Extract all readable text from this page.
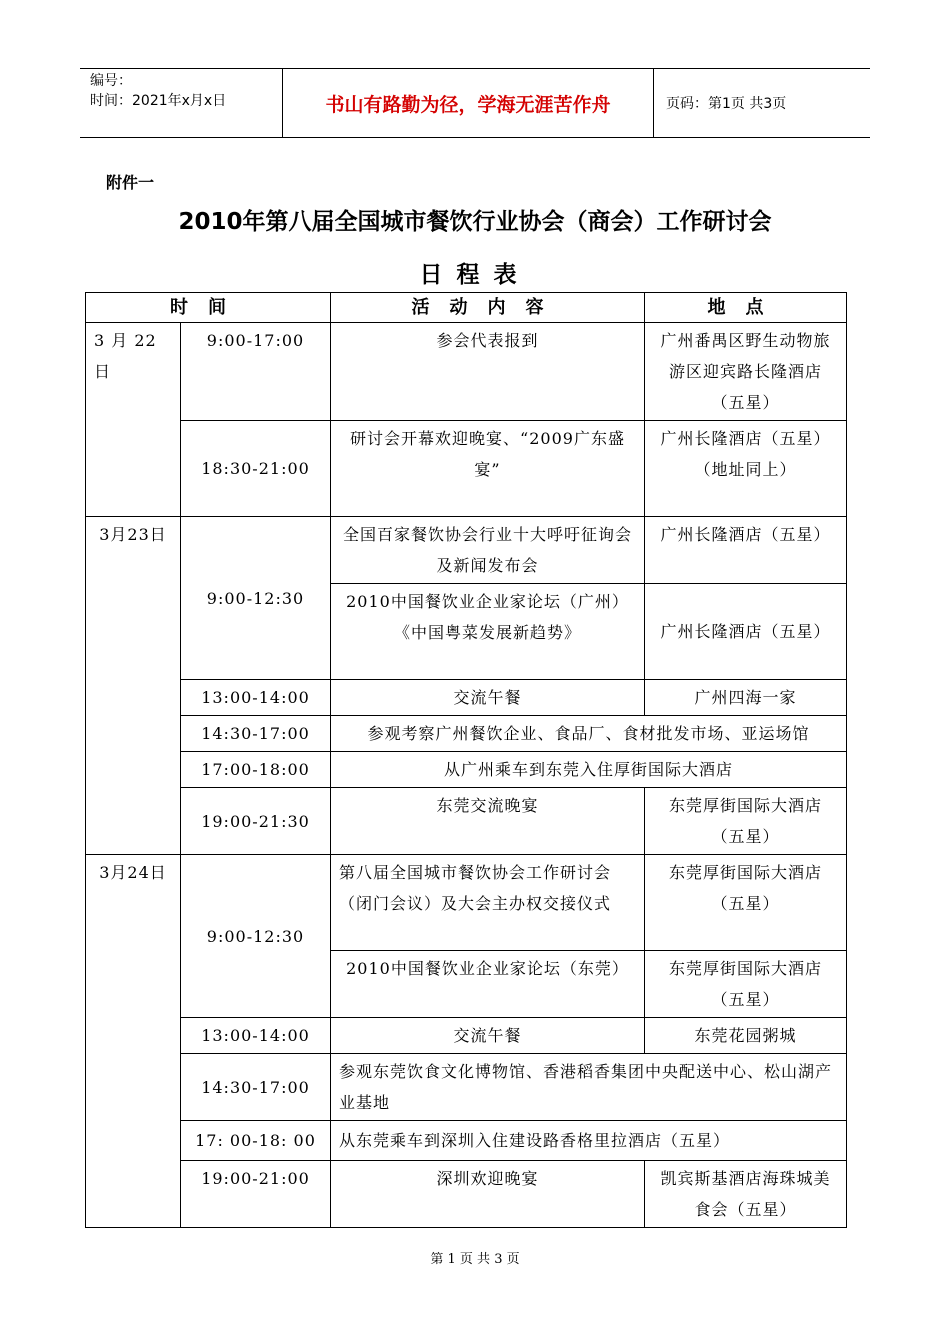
编号：
时间：2021年x月x日	书山有路勤为径，学海无涯苦作舟	页码：第1页 共3页
附件一
2010年第八届全国城市餐饮行业协会（商会）工作研讨会
日程表
时间		活动内容	地点
3 月 22日	9:00-17:00	参会代表报到	广州番禺区野生动物旅游区迎宾路长隆酒店（五星）
	18:30-21:00	研讨会开幕欢迎晚宴、“2009广东盛宴”	广州长隆酒店（五星）
（地址同上）

3月23日	9:00-12:30	全国百家餐饮协会行业十大呼吁征询会及新闻发布会	广州长隆酒店（五星）

		2010中国餐饮业企业家论坛（广州）
《中国粤菜发展新趋势》	广州长隆酒店（五星）
	13:00-14:00	交流午餐	广州四海一家
	14:30-17:00	参观考察广州餐饮企业、食品厂、食材批发市场、亚运场馆	
	17:00-18:00	从广州乘车到东莞入住厚街国际大酒店	
	19:00-21:30	东莞交流晚宴	东莞厚街国际大酒店（五星）
3月24日	9:00-12:30	第八届全国城市餐饮协会工作研讨会（闭门会议）及大会主办权交接仪式	东莞厚街国际大酒店（五星）
		2010中国餐饮业企业家论坛（东莞）	东莞厚街国际大酒店（五星）
	13:00-14:00	交流午餐	东莞花园粥城
	14:30-17:00	参观东莞饮食文化博物馆、香港稻香集团中央配送中心、松山湖产业基地	
	17: 00-18: 00	从东莞乘车到深圳入住建设路香格里拉酒店（五星）	
	19:00-21:00	深圳欢迎晚宴	凯宾斯基酒店海珠城美食会（五星）
第 1 页 共 3 页
